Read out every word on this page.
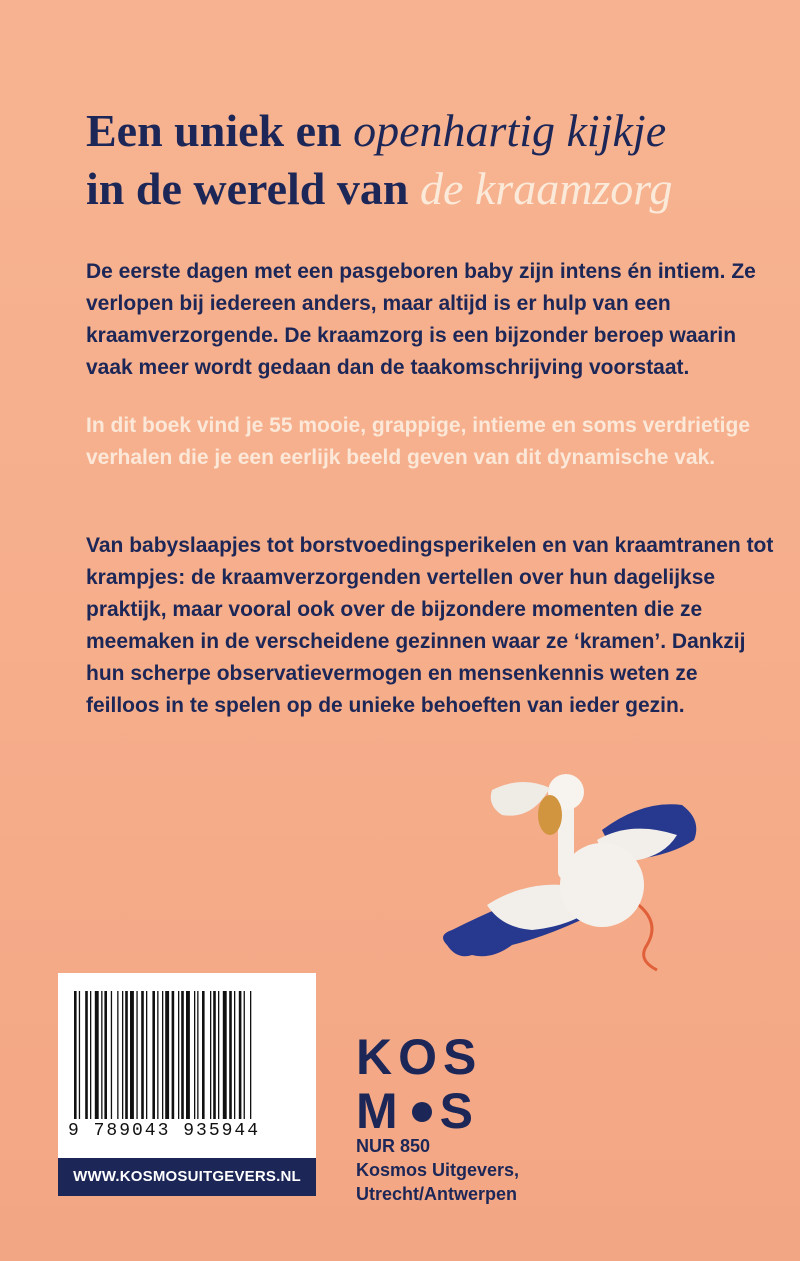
Een uniek en openhartig kijkje
in de wereld van de kraamzorg
De eerste dagen met een pasgeboren baby zijn intens én intiem. Ze verlopen bij iedereen anders, maar altijd is er hulp van een kraamverzorgende. De kraamzorg is een bijzonder beroep waarin vaak meer wordt gedaan dan de taakomschrijving voorstaat.
In dit boek vind je 55 mooie, grappige, intieme en soms verdrietige verhalen die je een eerlijk beeld geven van dit dynamische vak.
Van babyslaapjes tot borstvoedingsperikelen en van kraamtranen tot krampjes: de kraamverzorgenden vertellen over hun dagelijkse praktijk, maar vooral ook over de bijzondere momenten die ze meemaken in de verscheidene gezinnen waar ze ‘kramen’. Dankzij hun scherpe observatievermogen en mensenkennis weten ze feilloos in te spelen op de unieke behoeften van ieder gezin.
9 789043 935944
WWW.KOSMOSUITGEVERS.NL
KOS
M S
NUR 850
Kosmos Uitgevers,
Utrecht/Antwerpen
